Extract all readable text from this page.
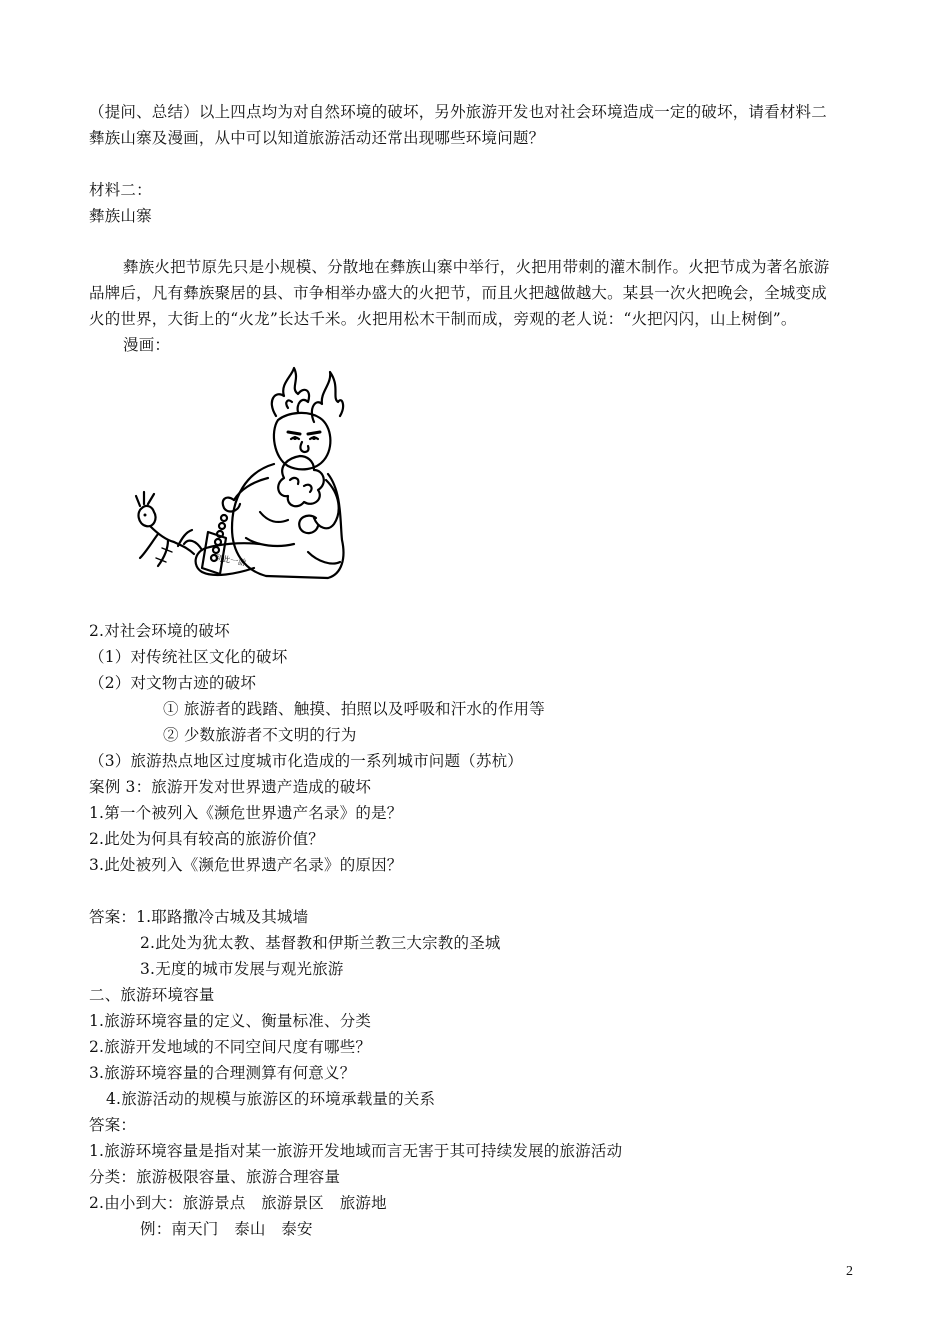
（提问、总结）以上四点均为对自然环境的破坏，另外旅游开发也对社会环境造成一定的破坏，请看材料二
彝族山寨及漫画，从中可以知道旅游活动还常出现哪些环境问题？
材料二：
彝族山寨
彝族火把节原先只是小规模、分散地在彝族山寨中举行，火把用带刺的灌木制作。火把节成为著名旅游
品牌后，凡有彝族聚居的县、市争相举办盛大的火把节，而且火把越做越大。某县一次火把晚会，全城变成
火的世界，大街上的“火龙”长达千米。火把用松木干制而成，旁观的老人说：“火把闪闪，山上树倒”。
漫画：
到此一游
2.对社会环境的破坏
（1）对传统社区文化的破坏
（2）对文物古迹的破坏
① 旅游者的践踏、触摸、拍照以及呼吸和汗水的作用等
② 少数旅游者不文明的行为
（3）旅游热点地区过度城市化造成的一系列城市问题（苏杭）
案例 3：旅游开发对世界遗产造成的破坏
1.第一个被列入《濒危世界遗产名录》的是？
2.此处为何具有较高的旅游价值？
3.此处被列入《濒危世界遗产名录》的原因？
答案：1.耶路撒冷古城及其城墙
2.此处为犹太教、基督教和伊斯兰教三大宗教的圣城
3.无度的城市发展与观光旅游
二、旅游环境容量
1.旅游环境容量的定义、衡量标准、分类
2.旅游开发地域的不同空间尺度有哪些？
3.旅游环境容量的合理测算有何意义？
4.旅游活动的规模与旅游区的环境承载量的关系
答案：
1.旅游环境容量是指对某一旅游开发地域而言无害于其可持续发展的旅游活动
分类：旅游极限容量、旅游合理容量
2.由小到大：旅游景点　旅游景区　旅游地
例：南天门　泰山　泰安
2
